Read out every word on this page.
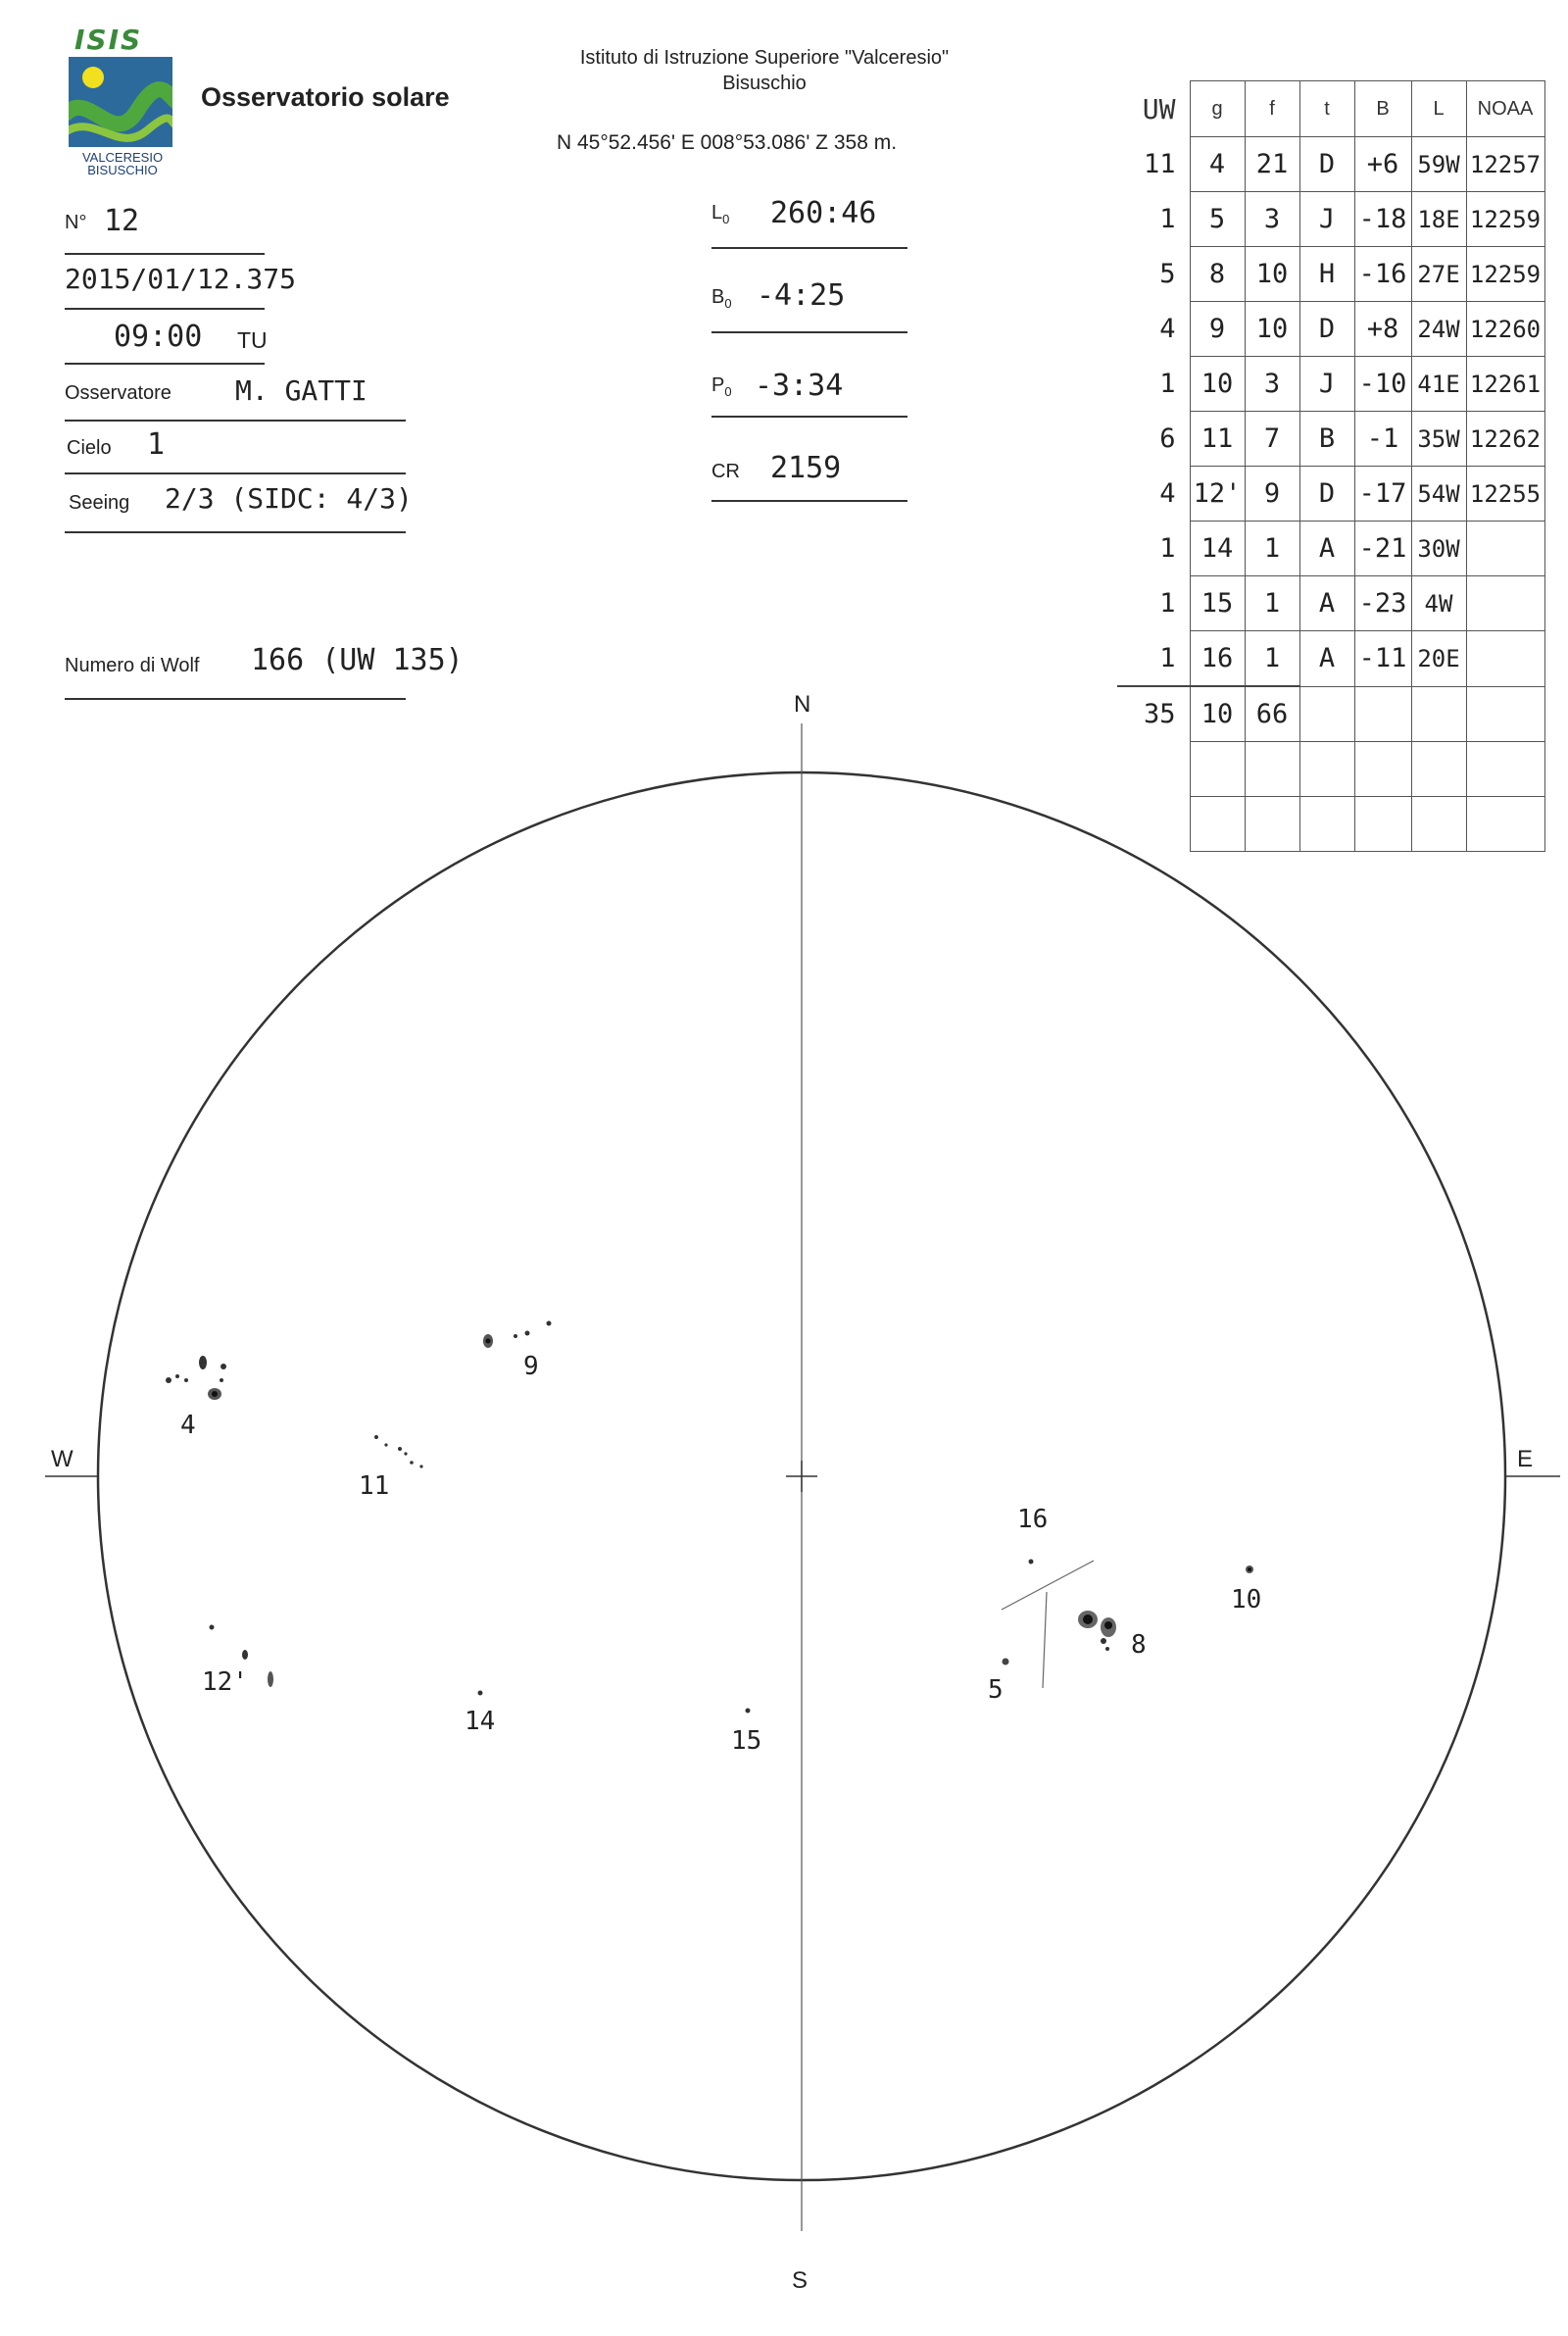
ISIS
VALCERESIO
BISUSCHIO
Osservatorio solare
Istituto di Istruzione Superiore "Valceresio"
Bisuschio
N 45°52.456' E 008°53.086' Z 358 m.
N° 12
2015/01/12.375
09:00 TU
Osservatore M. GATTI
Cielo 1
Seeing 2/3 (SIDC: 4/3)
Numero di Wolf 166 (UW 135)
$L_0$ 260:46
$B_0$ -4:25
$P_0$ -3:34
CR 2159
UW	g	f	t	B	L	NOAA
11	4	21	D	+6	59W	12257
1	5	3	J	-18	18E	12259
5	8	10	H	-16	27E	12259
4	9	10	D	+8	24W	12260
1	10	3	J	-10	41E	12261
6	11	7	B	-1	35W	12262
4	12'	9	D	-17	54W	12255
1	14	1	A	-21	30W	
1	15	1	A	-23	4W	
1	16	1	A	-11	20E	
35	10	66				

N
S
W	E
4
9
11
12'
14
15
16
5
8
10
